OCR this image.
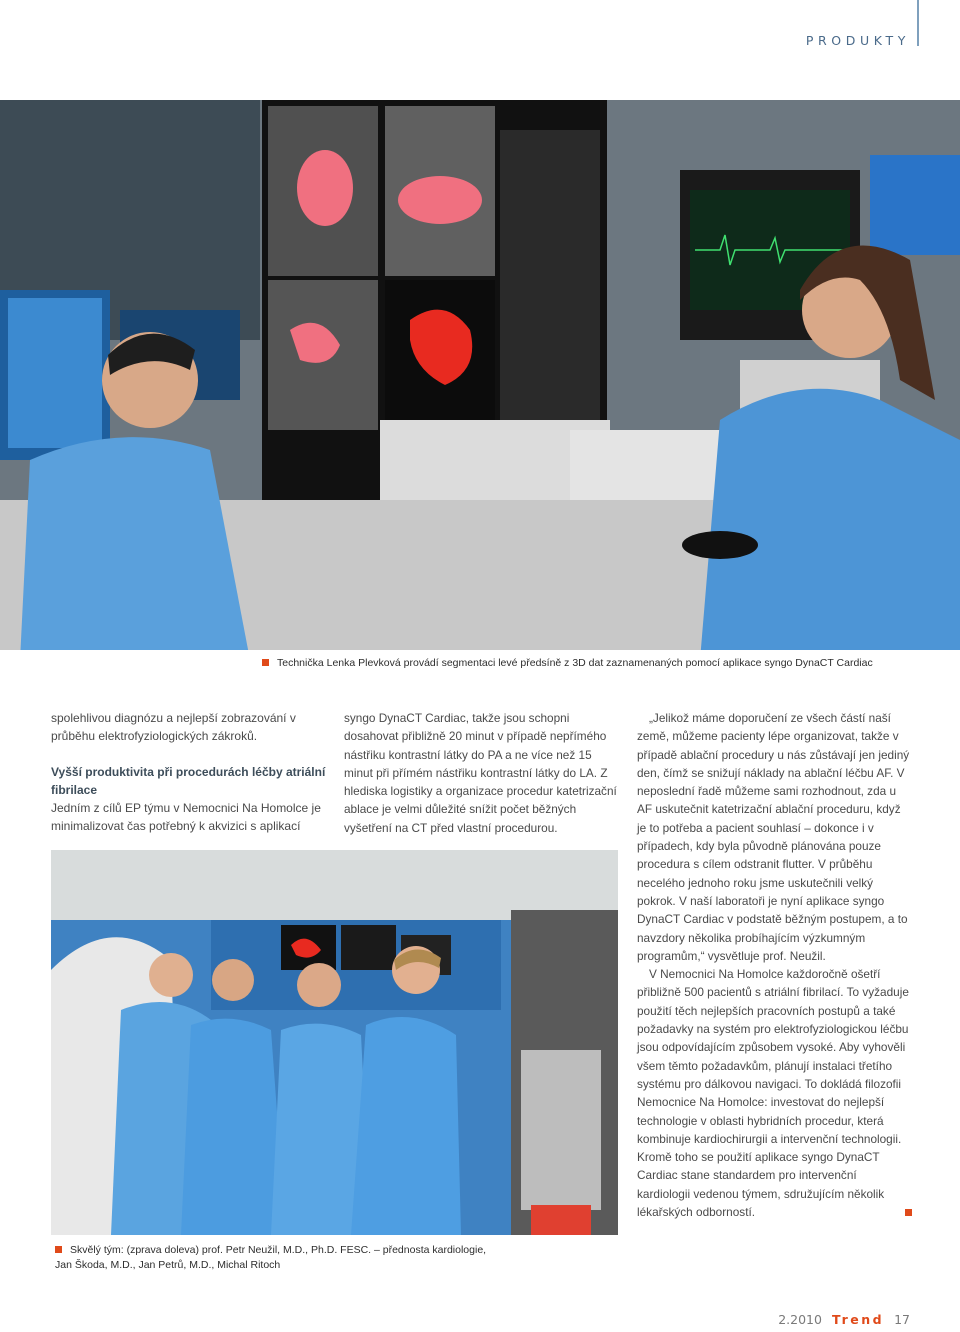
PRODUKTY
Technička Lenka Plevková provádí segmentaci levé předsíně z 3D dat zaznamenaných pomocí aplikace syngo DynaCT Cardiac

spolehlivou diagnózu a nejlepší zobrazování v průběhu elektrofyziologických zákroků.

Vyšší produktivita při procedurách léčby atriální fibrilace

Jedním z cílů EP týmu v Nemocnici Na Homolce je minimalizovat čas potřebný k akvizici s aplikací

syngo DynaCT Cardiac, takže jsou schopni dosahovat přibližně 20 minut v případě nepřímého nástřiku kontrastní látky do PA a ne více než 15 minut při přímém nástřiku kontrastní látky do LA. Z hlediska logistiky a organizace procedur katetrizační ablace je velmi důležité snížit počet běžných vyšetření na CT před vlastní procedurou.

„Jelikož máme doporučení ze všech částí naší země, můžeme pacienty lépe organizovat, takže v případě ablační procedury u nás zůstávají jen jediný den, čímž se snižují náklady na ablační léčbu AF. V neposlední řadě můžeme sami rozhodnout, zda u AF uskutečnit katetrizační ablační proceduru, když je to potřeba a pacient souhlasí – dokonce i v případech, kdy byla původně plánována pouze procedura s cílem odstranit flutter. V průběhu necelého jednoho roku jsme uskutečnili velký pokrok. V naší laboratoři je nyní aplikace syngo DynaCT Cardiac v podstatě běžným postupem, a to navzdory několika probíhajícím výzkumným programům,“ vysvětluje prof. Neužil.

V Nemocnici Na Homolce každoročně ošetří přibližně 500 pacientů s atriální fibrilací. To vyžaduje použití těch nejlepších pracovních postupů a také požadavky na systém pro elektrofyziologickou léčbu jsou odpovídajícím způsobem vysoké. Aby vyhověli všem těmto požadavkům, plánují instalaci třetího systému pro dálkovou navigaci. To dokládá filozofii Nemocnice Na Homolce: investovat do nejlepší technologie v oblasti hybridních procedur, která kombinuje kardiochirurgii a intervenční technologii. Kromě toho se použití aplikace syngo DynaCT Cardiac stane standardem pro intervenční kardiologii vedenou týmem, sdružujícím několik lékařských odborností.

Skvělý tým: (zprava doleva) prof. Petr Neužil, M.D., Ph.D. FESC. – přednosta kardiologie,
Jan Škoda, M.D., Jan Petrů, M.D., Michal Ritoch
2.2010 Trend 17
